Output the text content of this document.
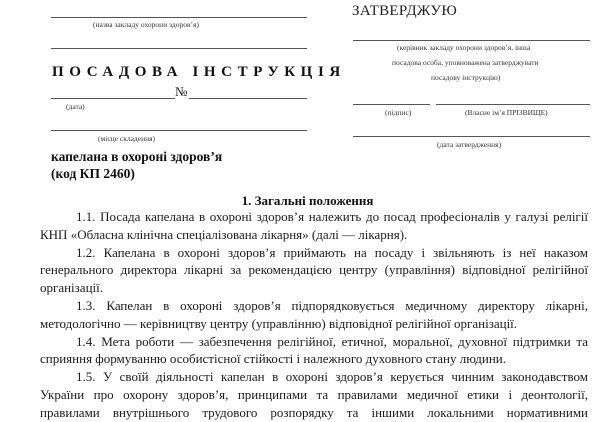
(назва закладу охорони здоров’я)
ПОСАДОВА ІНСТРУКЦІЯ
№
(дата)
(місце складення)
капелана в охороні здоров’я
(код КП 2460)
ЗАТВЕРДЖУЮ
(керівник закладу охорони здоров’я, інша
посадова особа, уповноважена затверджувати
посадову інструкцію)
(підпис)	(Власне ім’я ПРІЗВИЩЕ)
(дата затвердження)
1. Загальні положення

1.1. Посада капелана в охороні здоров’я належить до посад професіоналів у галузі релігії КНП «Обласна клінічна спеціалізована лікарня» (далі — лікарня).

1.2. Капелана в охороні здоров’я приймають на посаду і звільняють із неї наказом генерального директора лікарні за рекомендацією центру (управління) відповідної релігійної організації.

1.3. Капелан в охороні здоров’я підпорядковується медичному директору лікарні, методологічно — керівництву центру (управлінню) відповідної релігійної організації.

1.4. Мета роботи — забезпечення релігійної, етичної, моральної, духовної підтримки та сприяння формуванню особистісної стійкості і належного духовного стану людини.

1.5. У своїй діяльності капелан в охороні здоров’я керується чинним законодавством України про охорону здоров’я, принципами та правилами медичної етики і деонтології, правилами внутрішнього трудового розпорядку та іншими локальними нормативними
